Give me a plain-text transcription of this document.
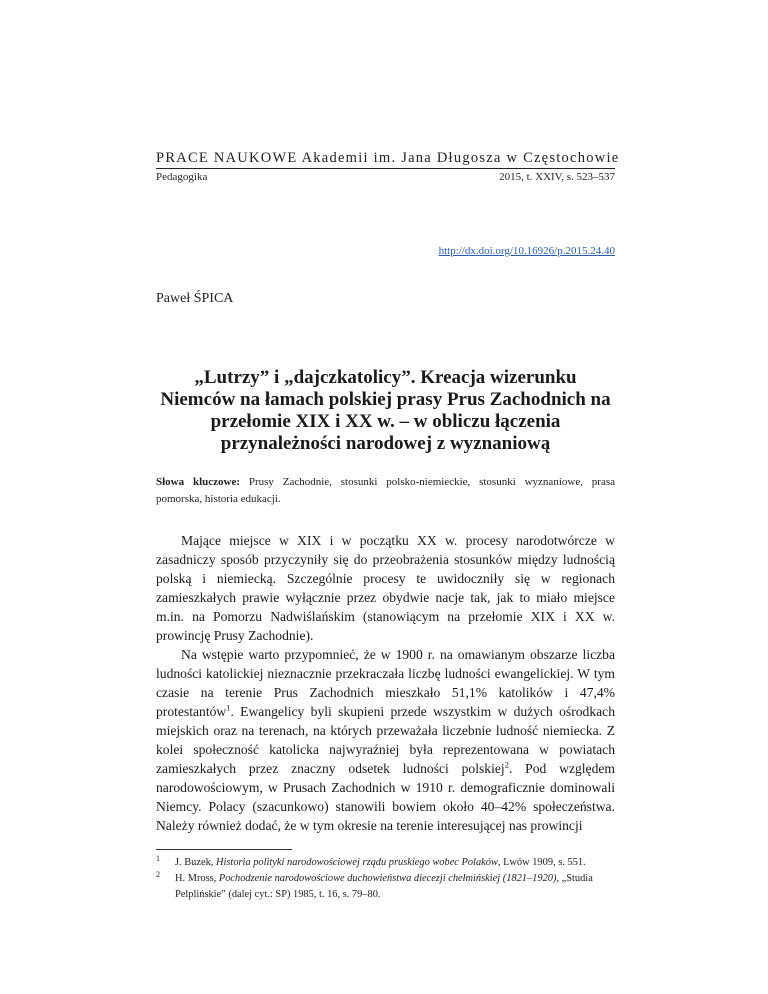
PRACE NAUKOWE Akademii im. Jana Długosza w Częstochowie
Pedagogika	2015, t. XXIV, s. 523–537
http://dx.doi.org/10.16926/p.2015.24.40
Paweł ŚPICA
„Lutrzy” i „dajczkatolicy”. Kreacja wizerunku Niemców na łamach polskiej prasy Prus Zachodnich na przełomie XIX i XX w. – w obliczu łączenia przynależności narodowej z wyznaniową
Słowa kluczowe: Prusy Zachodnie, stosunki polsko-niemieckie, stosunki wyznaniowe, prasa pomorska, historia edukacji.

Mające miejsce w XIX i w początku XX w. procesy narodotwórcze w zasadniczy sposób przyczyniły się do przeobrażenia stosunków między ludnością polską i niemiecką. Szczególnie procesy te uwidoczniły się w regionach zamieszkałych prawie wyłącznie przez obydwie nacje tak, jak to miało miejsce m.in. na Pomorzu Nadwiślańskim (stanowiącym na przełomie XIX i XX w. prowincję Prusy Zachodnie).

Na wstępie warto przypomnieć, że w 1900 r. na omawianym obszarze liczba ludności katolickiej nieznacznie przekraczała liczbę ludności ewangelickiej. W tym czasie na terenie Prus Zachodnich mieszkało 51,1% katolików i 47,4% protestantów$^1$. Ewangelicy byli skupieni przede wszystkim w dużych ośrodkach miejskich oraz na terenach, na których przeważała liczebnie ludność niemiecka. Z kolei społeczność katolicka najwyraźniej była reprezentowana w powiatach zamieszkałych przez znaczny odsetek ludności polskiej$^2$. Pod względem narodowościowym, w Prusach Zachodnich w 1910 r. demograficznie dominowali Niemcy. Polacy (szacunkowo) stanowili bowiem około 40–42% społeczeństwa. Należy również dodać, że w tym okresie na terenie interesującej nas prowincji

1 J. Buzek, Historia polityki narodowościowej rządu pruskiego wobec Polaków, Lwów 1909, s. 551.
2 H. Mross, Pochodzenie narodowościowe duchowieństwa diecezji chełmińskiej (1821–1920), „Studia Pelplińskie” (dalej cyt.: SP) 1985, t. 16, s. 79–80.
